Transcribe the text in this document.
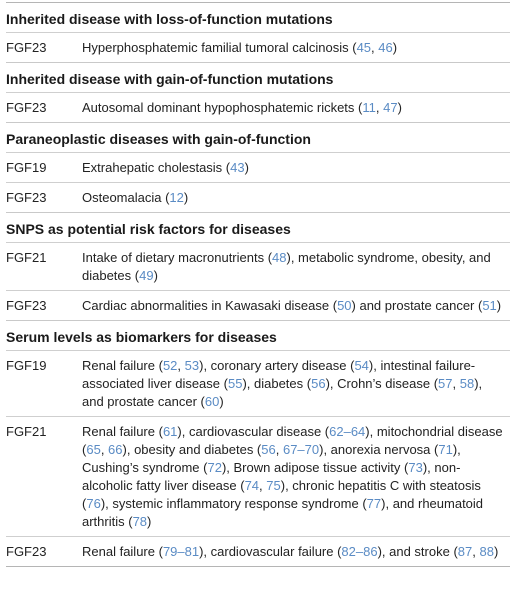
Inherited disease with loss-of-function mutations
FGF23	Hyperphosphatemic familial tumoral calcinosis (45, 46)
Inherited disease with gain-of-function mutations
FGF23	Autosomal dominant hypophosphatemic rickets (11, 47)
Paraneoplastic diseases with gain-of-function
FGF19	Extrahepatic cholestasis (43)
FGF23	Osteomalacia (12)
SNPS as potential risk factors for diseases
FGF21	Intake of dietary macronutrients (48), metabolic syndrome, obesity, and diabetes (49)
FGF23	Cardiac abnormalities in Kawasaki disease (50) and prostate cancer (51)
Serum levels as biomarkers for diseases
FGF19	Renal failure (52, 53), coronary artery disease (54), intestinal failure-associated liver disease (55), diabetes (56), Crohn’s disease (57, 58), and prostate cancer (60)
FGF21	Renal failure (61), cardiovascular disease (62–64), mitochondrial disease (65, 66), obesity and diabetes (56, 67–70), anorexia nervosa (71), Cushing’s syndrome (72), Brown adipose tissue activity (73), non-alcoholic fatty liver disease (74, 75), chronic hepatitis C with steatosis (76), systemic inflammatory response syndrome (77), and rheumatoid arthritis (78)
FGF23	Renal failure (79–81), cardiovascular failure (82–86), and stroke (87, 88)
